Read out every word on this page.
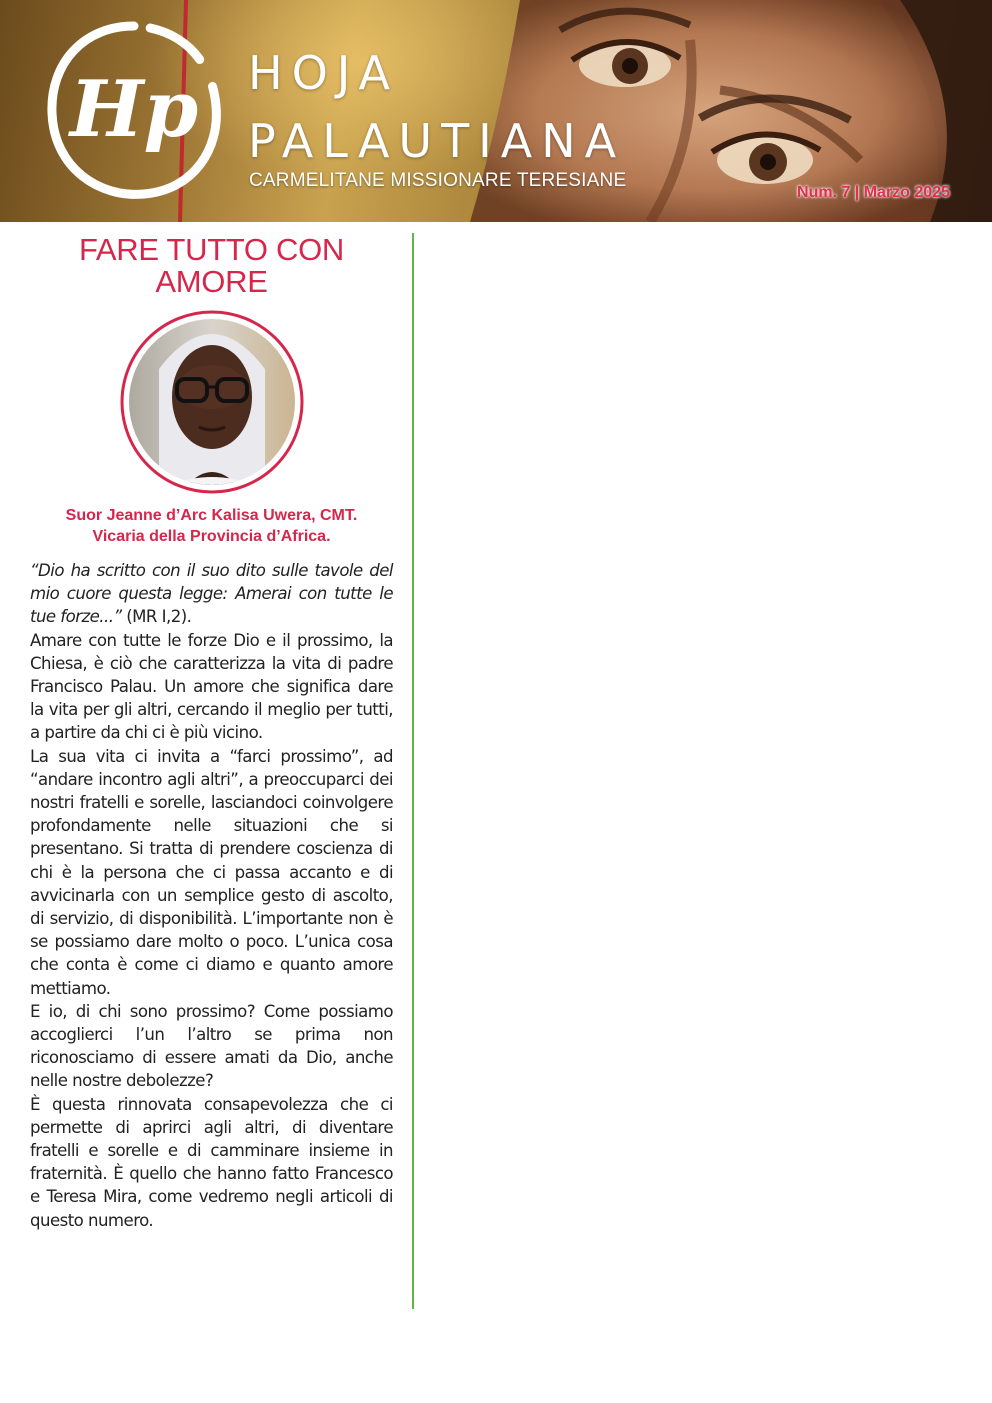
Hp HOJA
PALAUTIANA
CARMELITANE MISSIONARE TERESIANE
Num. 7 | Marzo 2025
FARE TUTTO CON AMORE
Suor Jeanne d’Arc Kalisa Uwera, CMT.
Vicaria della Provincia d’Africa.

“Dio ha scritto con il suo dito sulle tavole del mio cuore questa legge: Amerai con tutte le tue forze...” (MR I,2).

Amare con tutte le forze Dio e il prossimo, la Chiesa, è ciò che caratterizza la vita di padre Francisco Palau. Un amore che significa dare la vita per gli altri, cercando il meglio per tutti, a partire da chi ci è più vicino.

La sua vita ci invita a “farci prossimo”, ad “andare incontro agli altri”, a preoccuparci dei nostri fratelli e sorelle, lasciandoci coinvolgere profondamente nelle situazioni che si presentano. Si tratta di prendere coscienza di chi è la persona che ci passa accanto e di avvicinarla con un semplice gesto di ascolto, di servizio, di disponibilità. L’importante non è se possiamo dare molto o poco. L’unica cosa che conta è come ci diamo e quanto amore mettiamo.

E io, di chi sono prossimo? Come possiamo accoglierci l’un l’altro se prima non riconosciamo di essere amati da Dio, anche nelle nostre debolezze?

È questa rinnovata consapevolezza che ci permette di aprirci agli altri, di diventare fratelli e sorelle e di camminare insieme in fraternità. È quello che hanno fatto Francesco e Teresa Mira, come vedremo negli articoli di questo numero.
